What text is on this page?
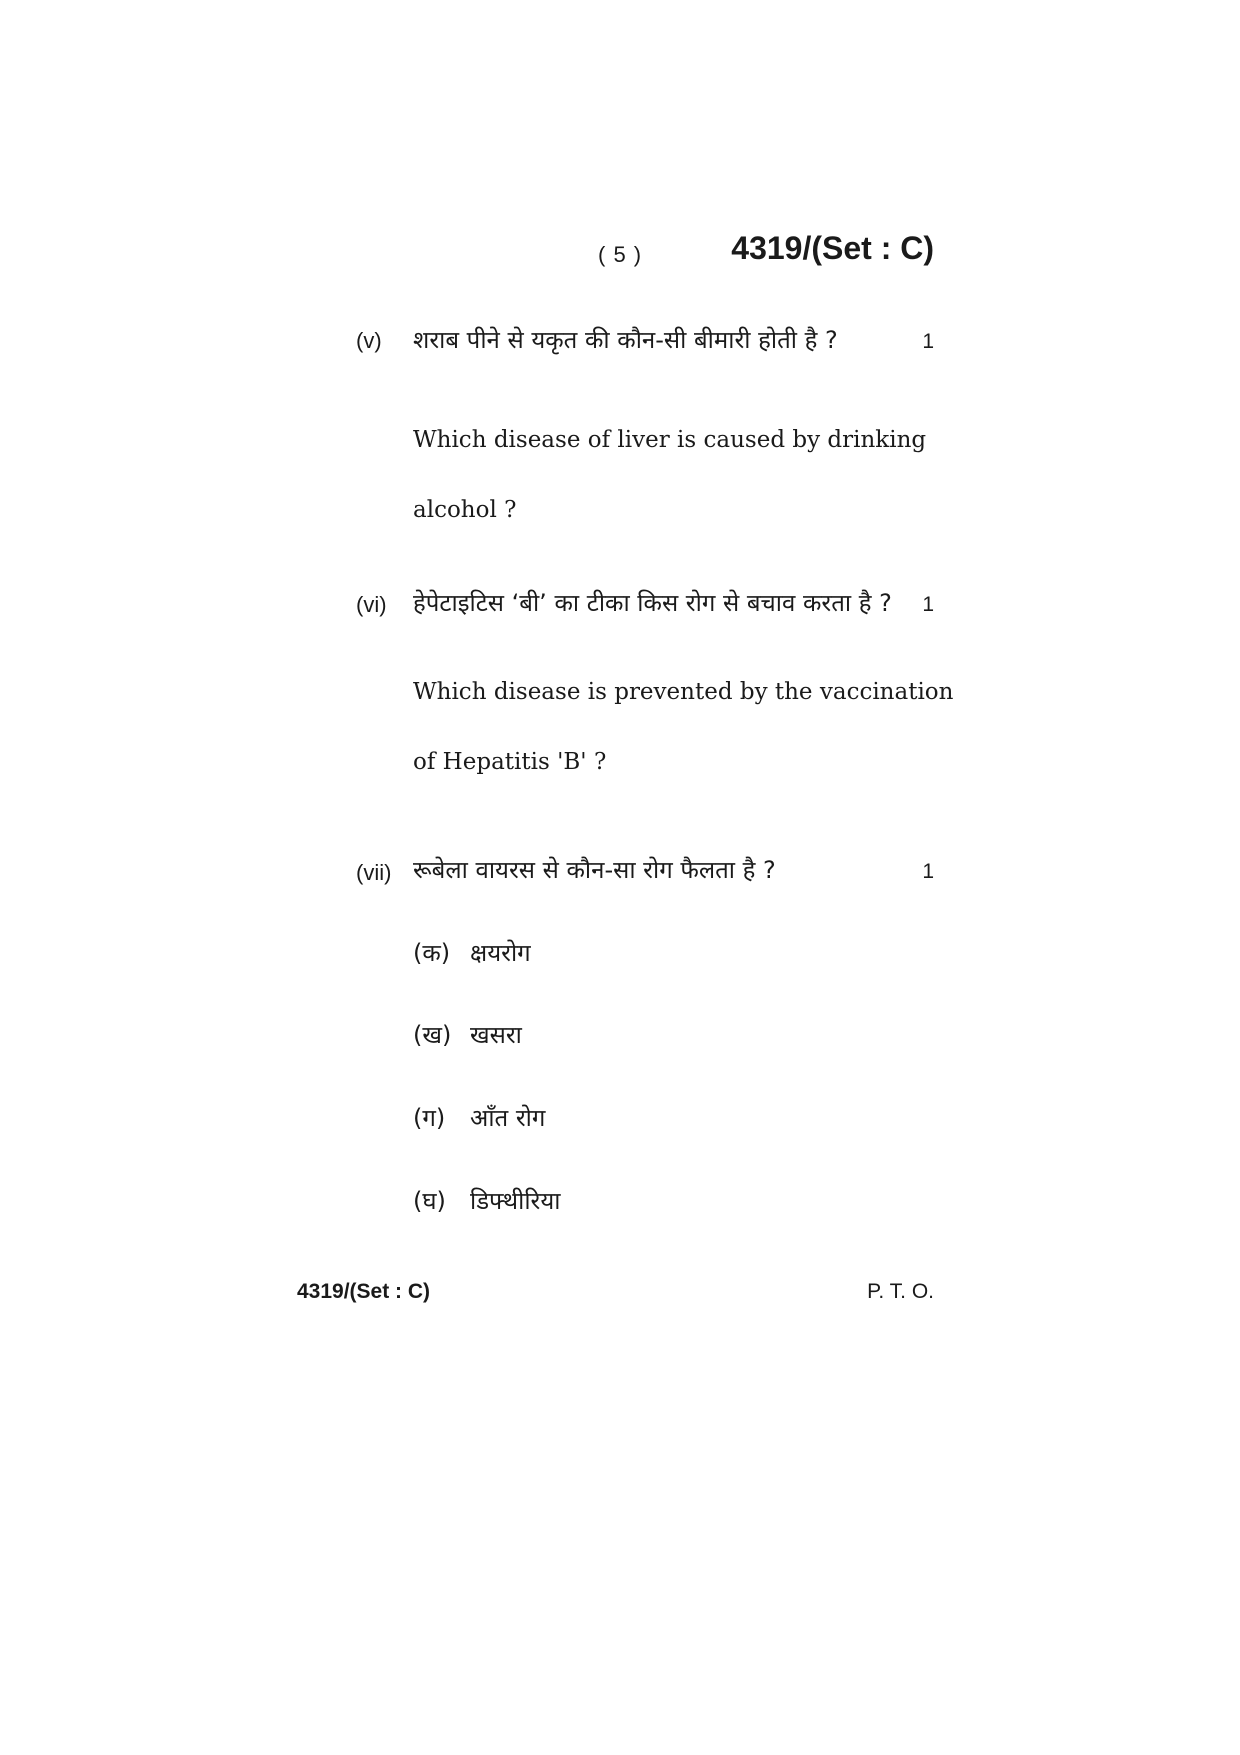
( 5 )	4319/(Set : C)
(v) शराब पीने से यकृत की कौन-सी बीमारी होती है ?	1
Which disease of liver is caused by drinking
alcohol ?
(vi) हेपेटाइटिस ‘बी’ का टीका किस रोग से बचाव करता है ? 1
Which disease is prevented by the vaccination
of Hepatitis 'B' ?
(vii) रूबेला वायरस से कौन-सा रोग फैलता है ?	1
(क) क्षयरोग
(ख) खसरा
(ग) आँत रोग
(घ) डिफ्थीरिया
4319/(Set : C)	P. T. O.
